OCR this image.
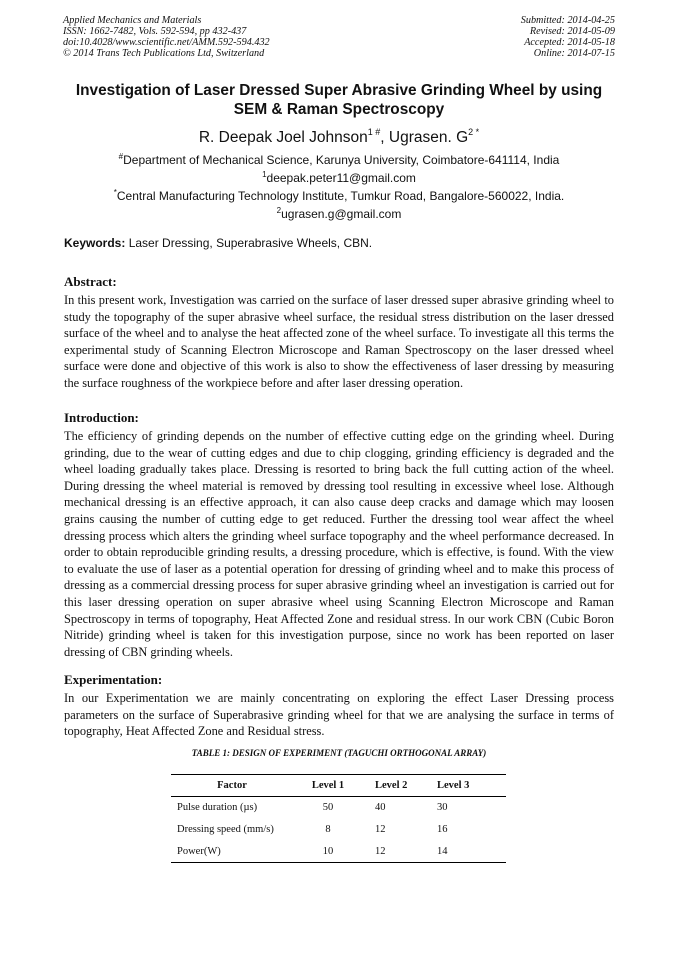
Applied Mechanics and Materials
ISSN: 1662-7482, Vols. 592-594, pp 432-437
doi:10.4028/www.scientific.net/AMM.592-594.432
© 2014 Trans Tech Publications Ltd, Switzerland
Submitted: 2014-04-25
Revised: 2014-05-09
Accepted: 2014-05-18
Online: 2014-07-15
Investigation of Laser Dressed Super Abrasive Grinding Wheel by using
SEM & Raman Spectroscopy
R. Deepak Joel Johnson$^{1 \#}$, Ugrasen. $G^{2 *}$
#Department of Mechanical Science, Karunya University, Coimbatore-641114, India
$^1$deepak.peter11@gmail.com
*Central Manufacturing Technology Institute, Tumkur Road, Bangalore-560022, India.
$^2$ugrasen.g@gmail.com
Keywords: Laser Dressing, Superabrasive Wheels, CBN.
Abstract:
In this present work, Investigation was carried on the surface of laser dressed super abrasive grinding wheel to study the topography of the super abrasive wheel surface, the residual stress distribution on the laser dressed surface of the wheel and to analyse the heat affected zone of the wheel surface. To investigate all this terms the experimental study of Scanning Electron Microscope and Raman Spectroscopy on the laser dressed wheel surface were done and objective of this work is also to show the effectiveness of laser dressing by measuring the surface roughness of the workpiece before and after laser dressing operation.
Introduction:
The efficiency of grinding depends on the number of effective cutting edge on the grinding wheel. During grinding, due to the wear of cutting edges and due to chip clogging, grinding efficiency is degraded and the wheel loading gradually takes place. Dressing is resorted to bring back the full cutting action of the wheel. During dressing the wheel material is removed by dressing tool resulting in excessive wheel lose. Although mechanical dressing is an effective approach, it can also cause deep cracks and damage which may loosen grains causing the number of cutting edge to get reduced. Further the dressing tool wear affect the wheel dressing process which alters the grinding wheel surface topography and the wheel performance decreased. In order to obtain reproducible grinding results, a dressing procedure, which is effective, is found. With the view to evaluate the use of laser as a potential operation for dressing of grinding wheel and to make this process of dressing as a commercial dressing process for super abrasive grinding wheel an investigation is carried out for this laser dressing operation on super abrasive wheel using Scanning Electron Microscope and Raman Spectroscopy in terms of topography, Heat Affected Zone and residual stress. In our work CBN (Cubic Boron Nitride) grinding wheel is taken for this investigation purpose, since no work has been reported on laser dressing of CBN grinding wheels.
Experimentation:
In our Experimentation we are mainly concentrating on exploring the effect Laser Dressing process parameters on the surface of Superabrasive grinding wheel for that we are analysing the surface in terms of topography, Heat Affected Zone and Residual stress.
TABLE 1: DESIGN OF EXPERIMENT (TAGUCHI ORTHOGONAL ARRAY)
Factor	Level 1	Level 2	Level 3
Pulse duration (µs)	50	40	30
Dressing speed (mm/s)	8	12	16
Power(W)	10	12	14
